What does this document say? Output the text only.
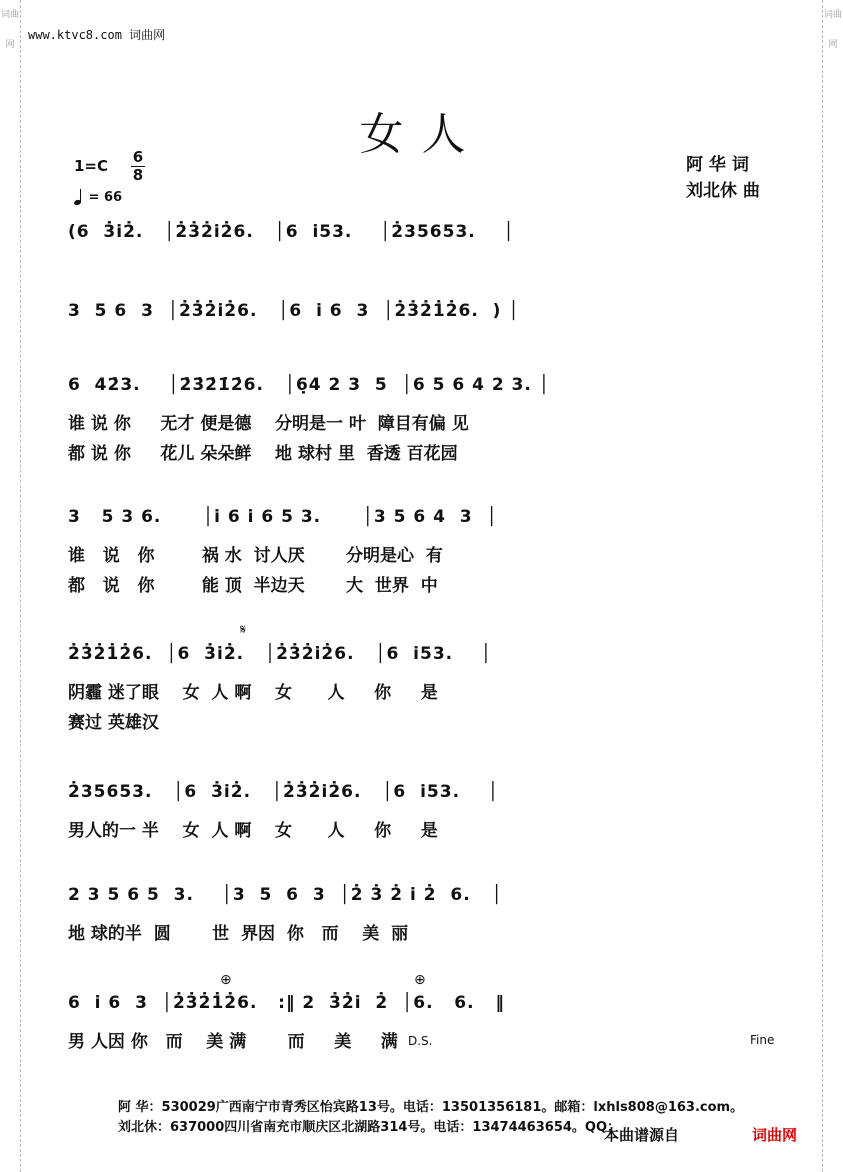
词曲网
词曲网
www.ktvc8.com 词曲网
女人
1=C 6
8
= 66
阿 华 词
刘北休 曲
(6  3̇i̇2̇.   │2̇3̇2̇i̇2̇6.   │6  i̇53.    │2̇35653.    │
3  5 6  3  │2̇3̇2̇i̇2̇6.   │6  i̇ 6  3  │2̇3̇2̇1̇2̇6.  ) │
6  42̇3.    │2̇3̇2̇1̇2̇6.   │6̣4 2 3  5  │6 5 6 4 2 3. │
谁 说 你     无才 便是德    分明是一 叶  障目有偏 见
都 说 你     花儿 朵朵鲜    地 球村 里  香透 百花园
3   5 3 6.      │i̇ 6 i̇ 6 5 3.      │3 5 6 4  3  │
谁   说   你        祸 水  讨人厌       分明是心  有
都   说   你        能 顶  半边天       大  世界  中
2̇3̇2̇1̇2̇6.  │6  3̇i̇2̇.   │2̇3̇2̇i̇2̇6.   │6  i̇53.    │
阴霾 迷了眼    女  人 啊    女      人     你     是
赛过 英雄汉
2̇35653.   │6  3̇i̇2̇.   │2̇3̇2̇i̇2̇6.   │6  i̇53.    │
男人的一 半    女  人 啊    女      人     你     是
2 3 5 6 5  3.    │3  5  6  3  │2̇ 3̇ 2̇ i̇ 2̇  6.   │
地 球的半  圆       世  界因  你   而    美  丽
6  i̇ 6  3  │2̇3̇2̇1̇2̇6.   :‖ 2  3̇2̇i̇  2̇  │6.   6.   ‖
男 人因 你   而    美 满       而     美     满
𝄋
⊕	⊕
D.S.	Fine
阿 华：530029广西南宁市青秀区怡宾路13号。电话：13501356181。邮箱：lxhls808@163.com。
刘北休：637000四川省南充市顺庆区北湖路314号。电话：13474463654。QQ：
本曲谱源自	词曲网
